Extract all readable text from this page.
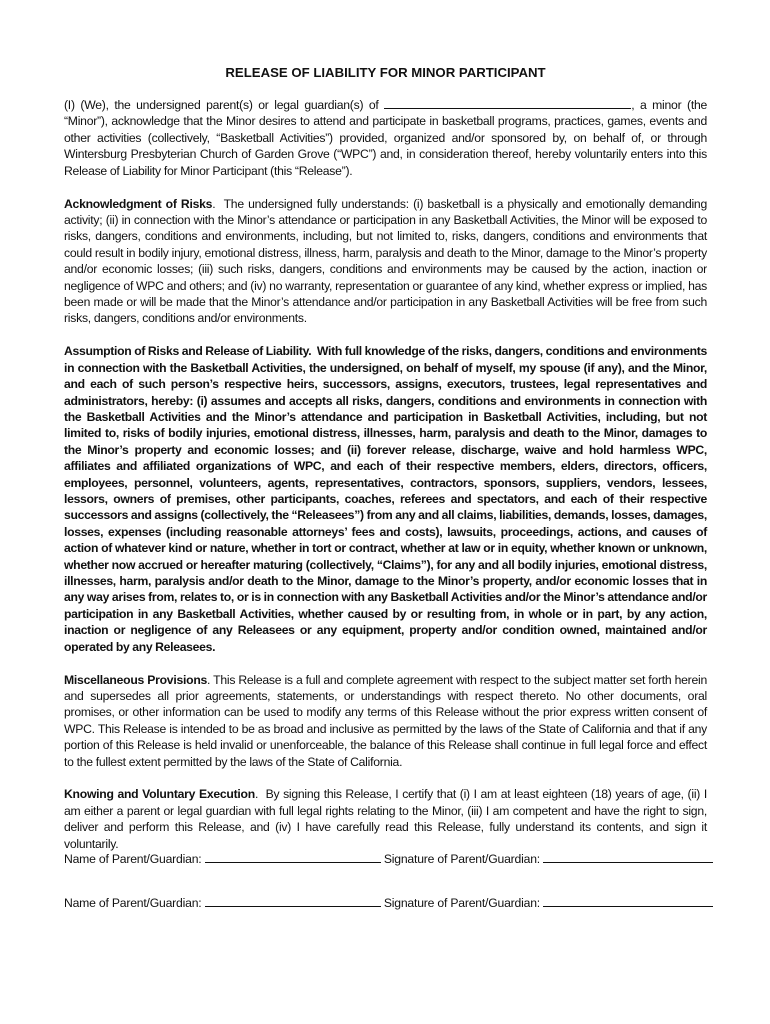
RELEASE OF LIABILITY FOR MINOR PARTICIPANT

(I) (We), the undersigned parent(s) or legal guardian(s) of	, a minor (the “Minor”), acknowledge that the Minor desires to attend and participate in basketball programs, practices, games, events and other activities (collectively, “Basketball Activities”) provided, organized and/or sponsored by, on behalf of, or through Wintersburg Presbyterian Church of Garden Grove (“WPC”) and, in consideration thereof, hereby voluntarily enters into this Release of Liability for Minor Participant (this “Release”).

Acknowledgment of Risks.  The undersigned fully understands: (i) basketball is a physically and emotionally demanding activity; (ii) in connection with the Minor’s attendance or participation in any Basketball Activities, the Minor will be exposed to risks, dangers, conditions and environments, including, but not limited to, risks, dangers, conditions and environments that could result in bodily injury, emotional distress, illness, harm, paralysis and death to the Minor, damage to the Minor’s property and/or economic losses; (iii) such risks, dangers, conditions and environments may be caused by the action, inaction or negligence of WPC and others; and (iv) no warranty, representation or guarantee of any kind, whether express or implied, has been made or will be made that the Minor’s attendance and/or participation in any Basketball Activities will be free from such risks, dangers, conditions and/or environments.

Assumption of Risks and Release of Liability.  With full knowledge of the risks, dangers, conditions and environments in connection with the Basketball Activities, the undersigned, on behalf of myself, my spouse (if any), and the Minor, and each of such person’s respective heirs, successors, assigns, executors, trustees, legal representatives and administrators, hereby: (i) assumes and accepts all risks, dangers, conditions and environments in connection with the Basketball Activities and the Minor’s attendance and participation in Basketball Activities, including, but not limited to, risks of bodily injuries, emotional distress, illnesses, harm, paralysis and death to the Minor, damages to the Minor’s property and economic losses; and (ii) forever release, discharge, waive and hold harmless WPC, affiliates and affiliated organizations of WPC, and each of their respective members, elders, directors, officers, employees, personnel, volunteers, agents, representatives, contractors, sponsors, suppliers, vendors, lessees, lessors, owners of premises, other participants, coaches, referees and spectators, and each of their respective successors and assigns (collectively, the “Releasees”) from any and all claims, liabilities, demands, losses, damages, losses, expenses (including reasonable attorneys’ fees and costs), lawsuits, proceedings, actions, and causes of action of whatever kind or nature, whether in tort or contract, whether at law or in equity, whether known or unknown, whether now accrued or hereafter maturing (collectively, “Claims”), for any and all bodily injuries, emotional distress, illnesses, harm, paralysis and/or death to the Minor, damage to the Minor’s property, and/or economic losses that in any way arises from, relates to, or is in connection with any Basketball Activities and/or the Minor’s attendance and/or participation in any Basketball Activities, whether caused by or resulting from, in whole or in part, by any action, inaction or negligence of any Releasees or any equipment, property and/or condition owned, maintained and/or operated by any Releasees.

Miscellaneous Provisions. This Release is a full and complete agreement with respect to the subject matter set forth herein and supersedes all prior agreements, statements, or understandings with respect thereto. No other documents, oral promises, or other information can be used to modify any terms of this Release without the prior express written consent of WPC. This Release is intended to be as broad and inclusive as permitted by the laws of the State of California and that if any portion of this Release is held invalid or unenforceable, the balance of this Release shall continue in full legal force and effect to the fullest extent permitted by the laws of the State of California.

Knowing and Voluntary Execution.  By signing this Release, I certify that (i) I am at least eighteen (18) years of age, (ii) I am either a parent or legal guardian with full legal rights relating to the Minor, (iii) I am competent and have the right to sign, deliver and perform this Release, and (iv) I have carefully read this Release, fully understand its contents, and sign it voluntarily.

Name of Parent/Guardian:	Signature of Parent/Guardian:
Name of Parent/Guardian:	Signature of Parent/Guardian:
